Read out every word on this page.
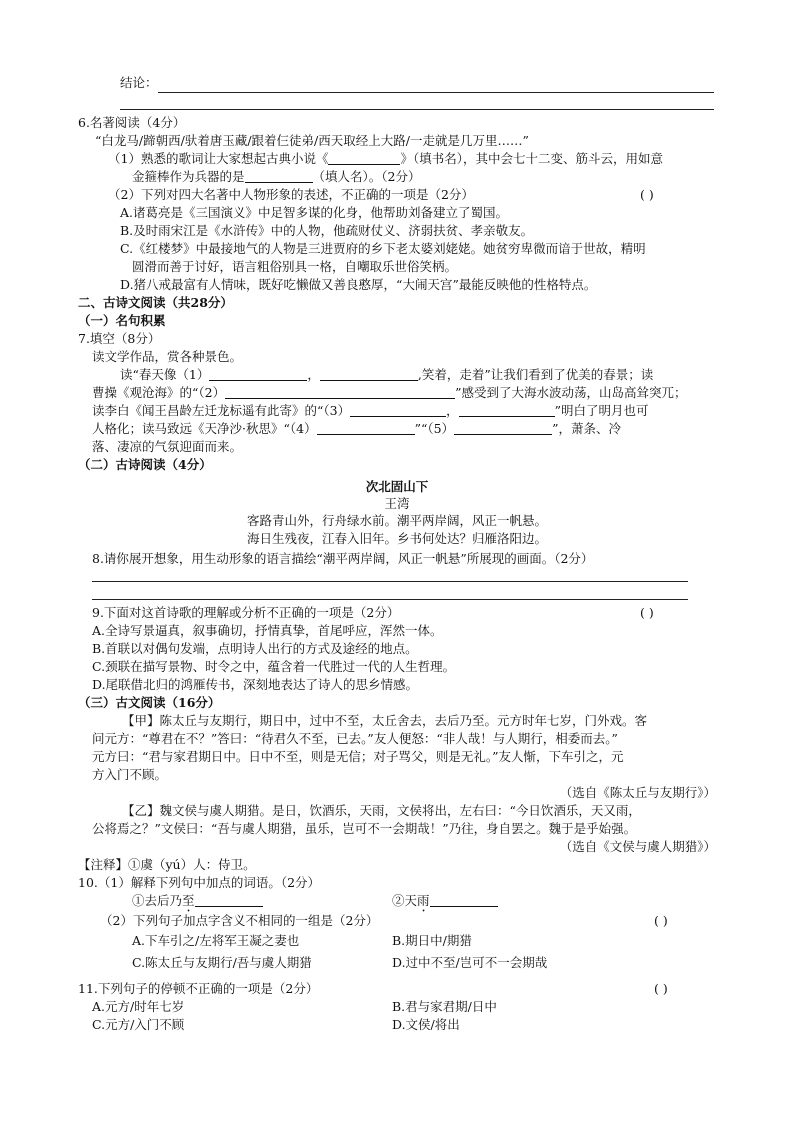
结论：
6.名著阅读（4分）
“白龙马/蹄朝西/驮着唐玉藏/跟着仨徒弟/西天取经上大路/一走就是几万里……”
（1）熟悉的歌词让大家想起古典小说《	》（填书名），其中会七十二变、筋斗云，用如意
金箍棒作为兵器的是	（填人名）。（2分）
（2）下列对四大名著中人物形象的表述，不正确的一项是（2分）	( )
A.诸葛亮是《三国演义》中足智多谋的化身，他帮助刘备建立了蜀国。
B.及时雨宋江是《水浒传》中的人物，他疏财仗义、济弱扶贫、孝亲敬友。
C.《红楼梦》中最接地气的人物是三进贾府的乡下老太婆刘姥姥。她贫穷卑微而谙于世故，精明
圆滑而善于讨好，语言粗俗别具一格，自嘲取乐世俗笑柄。
D.猪八戒最富有人情味，既好吃懒做又善良憨厚，“大闹天宫”最能反映他的性格特点。
二、古诗文阅读（共28分）
（一）名句积累
7.填空（8分）
读文学作品，赏各种景色。
读“春天像（1）	，	,笑着，走着”让我们看到了优美的春景；读
曹操《观沧海》的“（2）	”感受到了大海水波动荡，山岛高耸突兀；
读李白《闻王昌龄左迁龙标遥有此寄》的“（3）	，	”明白了明月也可
人格化；读马致远《天净沙·秋思》“（4）	”“（5）	”，萧条、冷
落、凄凉的气氛迎面而来。
（二）古诗阅读（4分）
次北固山下
王湾
客路青山外，行舟绿水前。潮平两岸阔，风正一帆悬。
海日生残夜，江春入旧年。乡书何处达？归雁洛阳边。
8.请你展开想象，用生动形象的语言描绘“潮平两岸阔，风正一帆悬”所展现的画面。（2分）
9.下面对这首诗歌的理解或分析不正确的一项是（2分）	( )
A.全诗写景逼真，叙事确切，抒情真挚，首尾呼应，浑然一体。
B.首联以对偶句发端，点明诗人出行的方式及途经的地点。
C.颈联在描写景物、时令之中，蕴含着一代胜过一代的人生哲理。
D.尾联借北归的鸿雁传书，深刻地表达了诗人的思乡情感。
（三）古文阅读（16分）
【甲】陈太丘与友期行，期日中，过中不至，太丘舍去，去后乃至。元方时年七岁，门外戏。客
问元方：“尊君在不？”答曰：“待君久不至，已去。”友人便怒：“非人哉！与人期行，相委而去。”
元方曰：“君与家君期日中。日中不至，则是无信；对子骂父，则是无礼。”友人惭，下车引之，元
方入门不顾。
（选自《陈太丘与友期行》）
【乙】魏文侯与虞人期猎。是日，饮酒乐，天雨，文侯将出，左右曰：“今日饮酒乐，天又雨，
公将焉之？”文侯曰：“吾与虞人期猎，虽乐，岂可不一会期哉！”乃往，身自罢之。魏于是乎始强。
（选自《文侯与虞人期猎》）
【注释】①虞（yú）人：侍卫。
10.（1）解释下列句中加点的词语。（2分）
①去后乃至	②天雨
（2）下列句子加点字含义不相同的一组是（2分）	( )
A.下车引之/左将军王凝之妻也	B.期日中/期猎
C.陈太丘与友期行/吾与虞人期猎	D.过中不至/岂可不一会期哉
11.下列句子的停顿不正确的一项是（2分）	( )
A.元方/时年七岁	B.君与家君期/日中
C.元方/入门不顾	D.文侯/将出
